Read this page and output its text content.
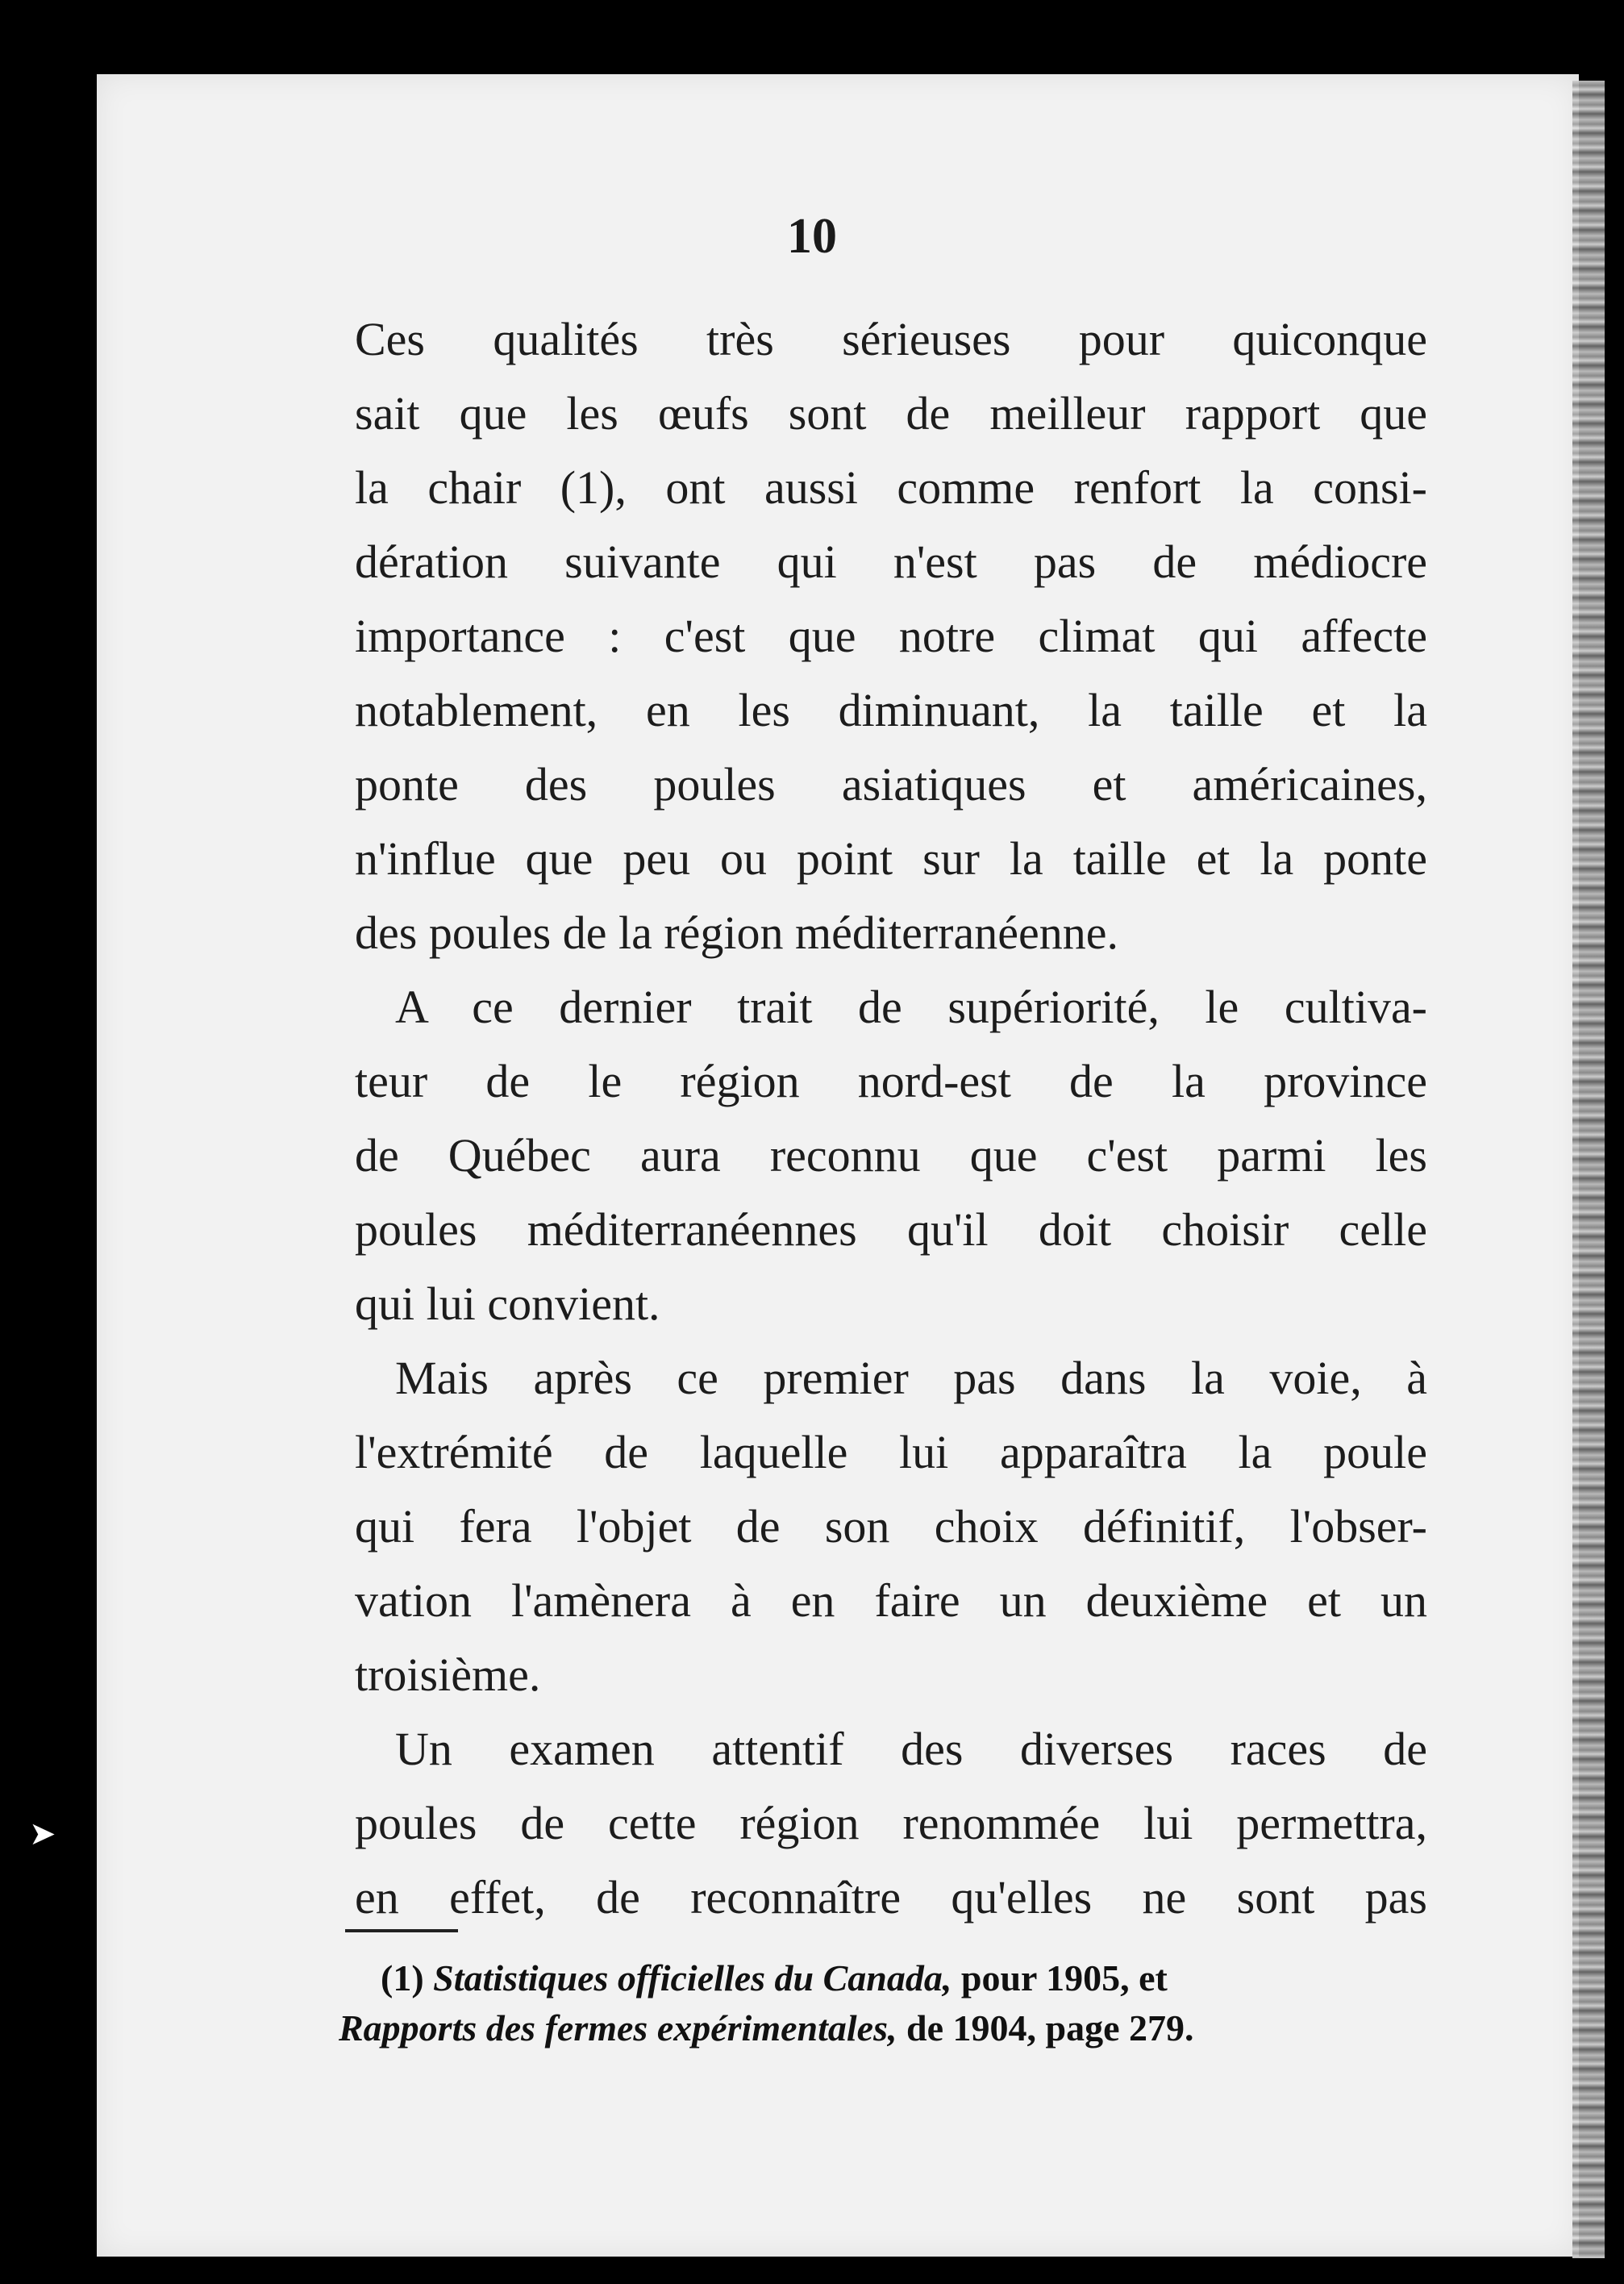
➤
10
Ces qualités très sérieuses pour quiconque
sait que les œufs sont de meilleur rapport que
la chair (1), ont aussi comme renfort la consi-
dération suivante qui n'est pas de médiocre
importance : c'est que notre climat qui affecte
notablement, en les diminuant, la taille et la
ponte des poules asiatiques et américaines,
n'influe que peu ou point sur la taille et la ponte
des poules de la région méditerranéenne.
A ce dernier trait de supériorité, le cultiva-
teur de le région nord-est de la province
de Québec aura reconnu que c'est parmi les
poules méditerranéennes qu'il doit choisir celle
qui lui convient.
Mais après ce premier pas dans la voie, à
l'extrémité de laquelle lui apparaîtra la poule
qui fera l'objet de son choix définitif, l'obser-
vation l'amènera à en faire un deuxième et un
troisième.
Un examen attentif des diverses races de
poules de cette région renommée lui permettra,
en effet, de reconnaître qu'elles ne sont pas
(1) Statistiques officielles du Canada, pour 1905, et
Rapports des fermes expérimentales, de 1904, page 279.
